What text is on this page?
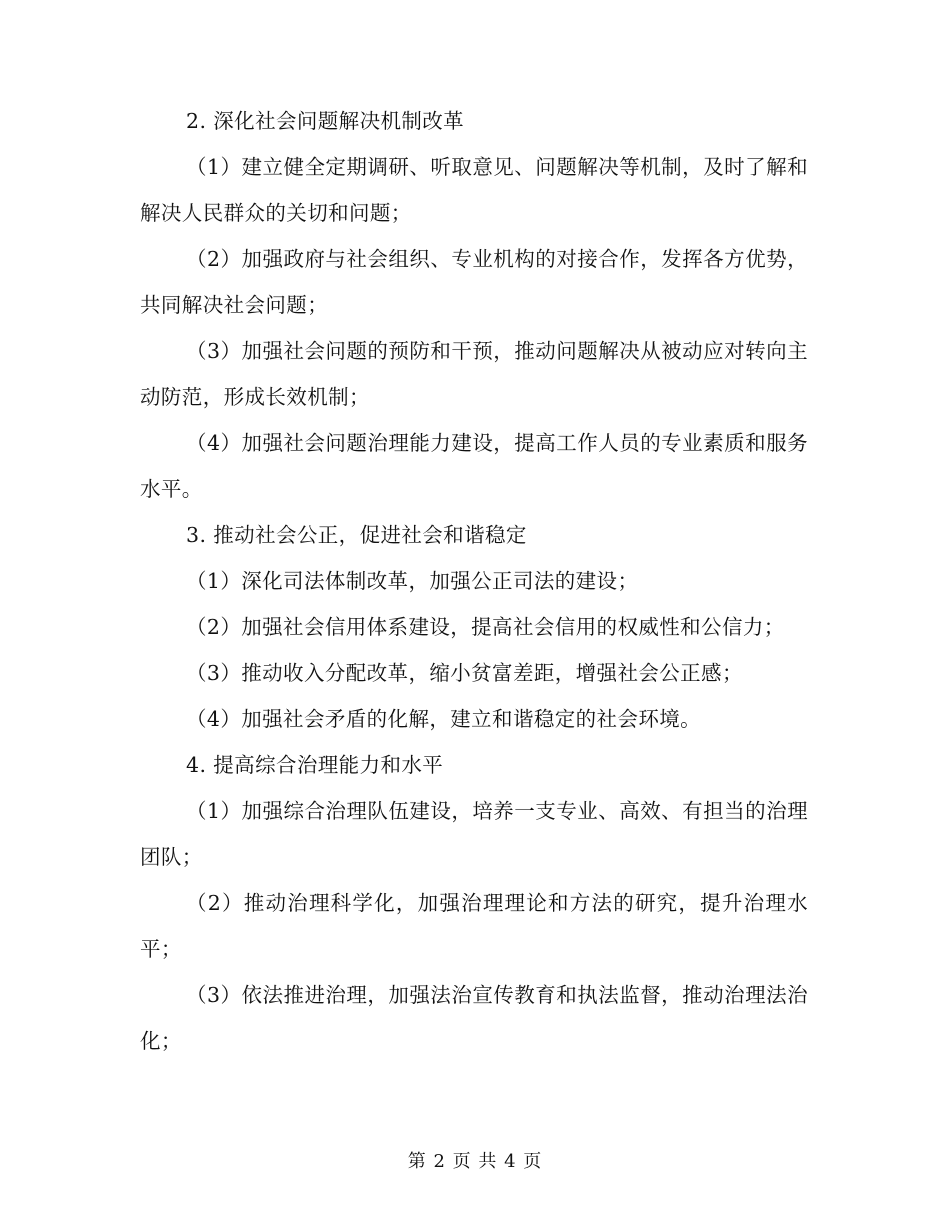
2. 深化社会问题解决机制改革

（1）建立健全定期调研、听取意见、问题解决等机制，及时了解和解决人民群众的关切和问题；

（2）加强政府与社会组织、专业机构的对接合作，发挥各方优势，共同解决社会问题；

（3）加强社会问题的预防和干预，推动问题解决从被动应对转向主动防范，形成长效机制；

（4）加强社会问题治理能力建设，提高工作人员的专业素质和服务水平。

3. 推动社会公正，促进社会和谐稳定

（1）深化司法体制改革，加强公正司法的建设；

（2）加强社会信用体系建设，提高社会信用的权威性和公信力；

（3）推动收入分配改革，缩小贫富差距，增强社会公正感；

（4）加强社会矛盾的化解，建立和谐稳定的社会环境。

4. 提高综合治理能力和水平

（1）加强综合治理队伍建设，培养一支专业、高效、有担当的治理团队；

（2）推动治理科学化，加强治理理论和方法的研究，提升治理水平；

（3）依法推进治理，加强法治宣传教育和执法监督，推动治理法治化；

第 2 页 共 4 页
